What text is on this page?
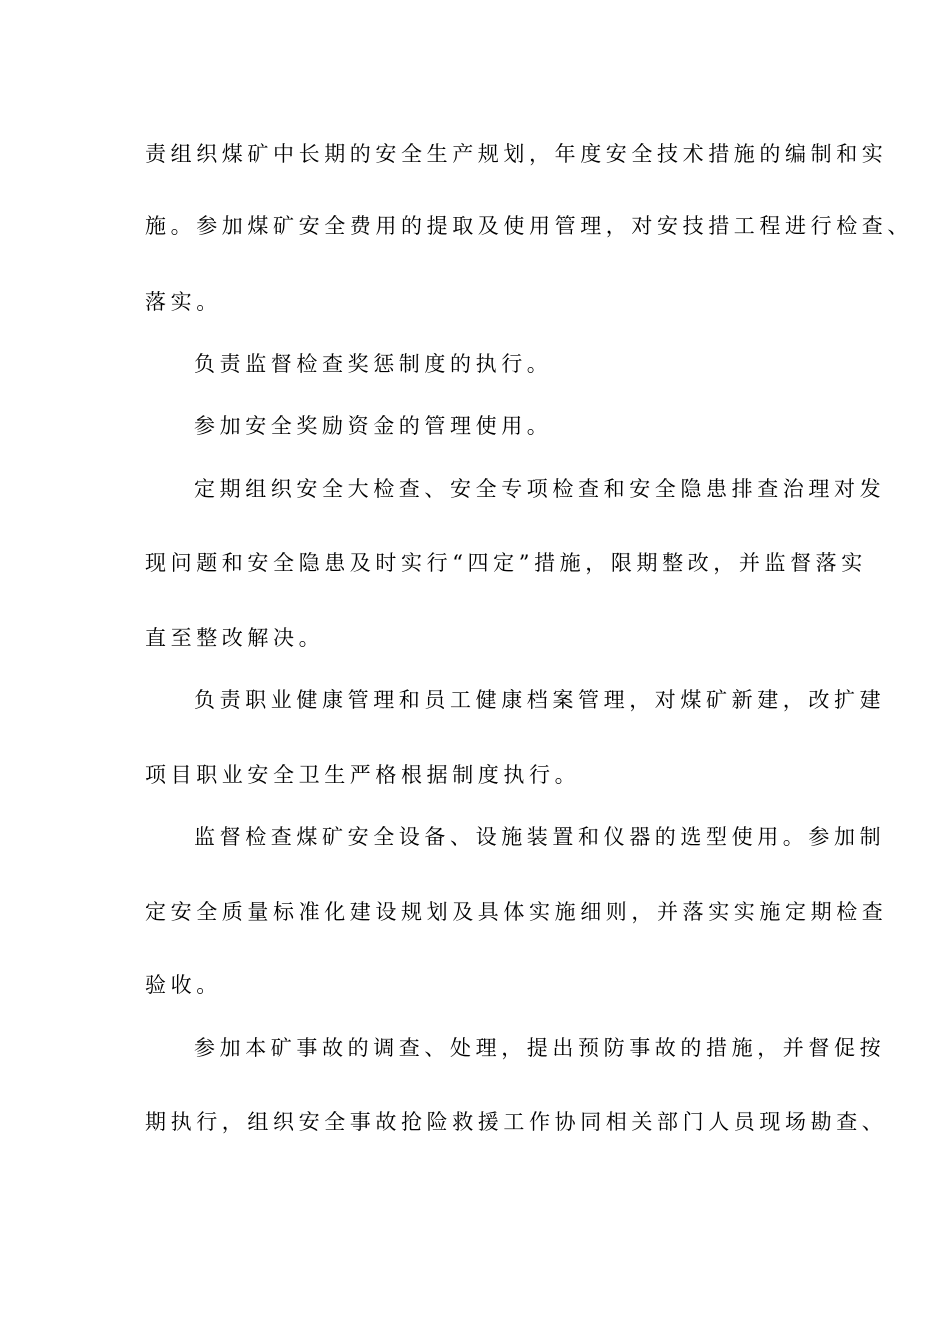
责组织煤矿中长期的安全生产规划，年度安全技术措施的编制和实
施。参加煤矿安全费用的提取及使用管理，对安技措工程进行检查、
落实。
负责监督检查奖惩制度的执行。
参加安全奖励资金的管理使用。
定期组织安全大检查、安全专项检查和安全隐患排查治理对发
现问题和安全隐患及时实行“四定”措施，限期整改，并监督落实
直至整改解决。
负责职业健康管理和员工健康档案管理，对煤矿新建，改扩建
项目职业安全卫生严格根据制度执行。
监督检查煤矿安全设备、设施装置和仪器的选型使用。参加制
定安全质量标准化建设规划及具体实施细则，并落实实施定期检查
验收。
参加本矿事故的调查、处理，提出预防事故的措施，并督促按
期执行，组织安全事故抢险救援工作协同相关部门人员现场勘查、
